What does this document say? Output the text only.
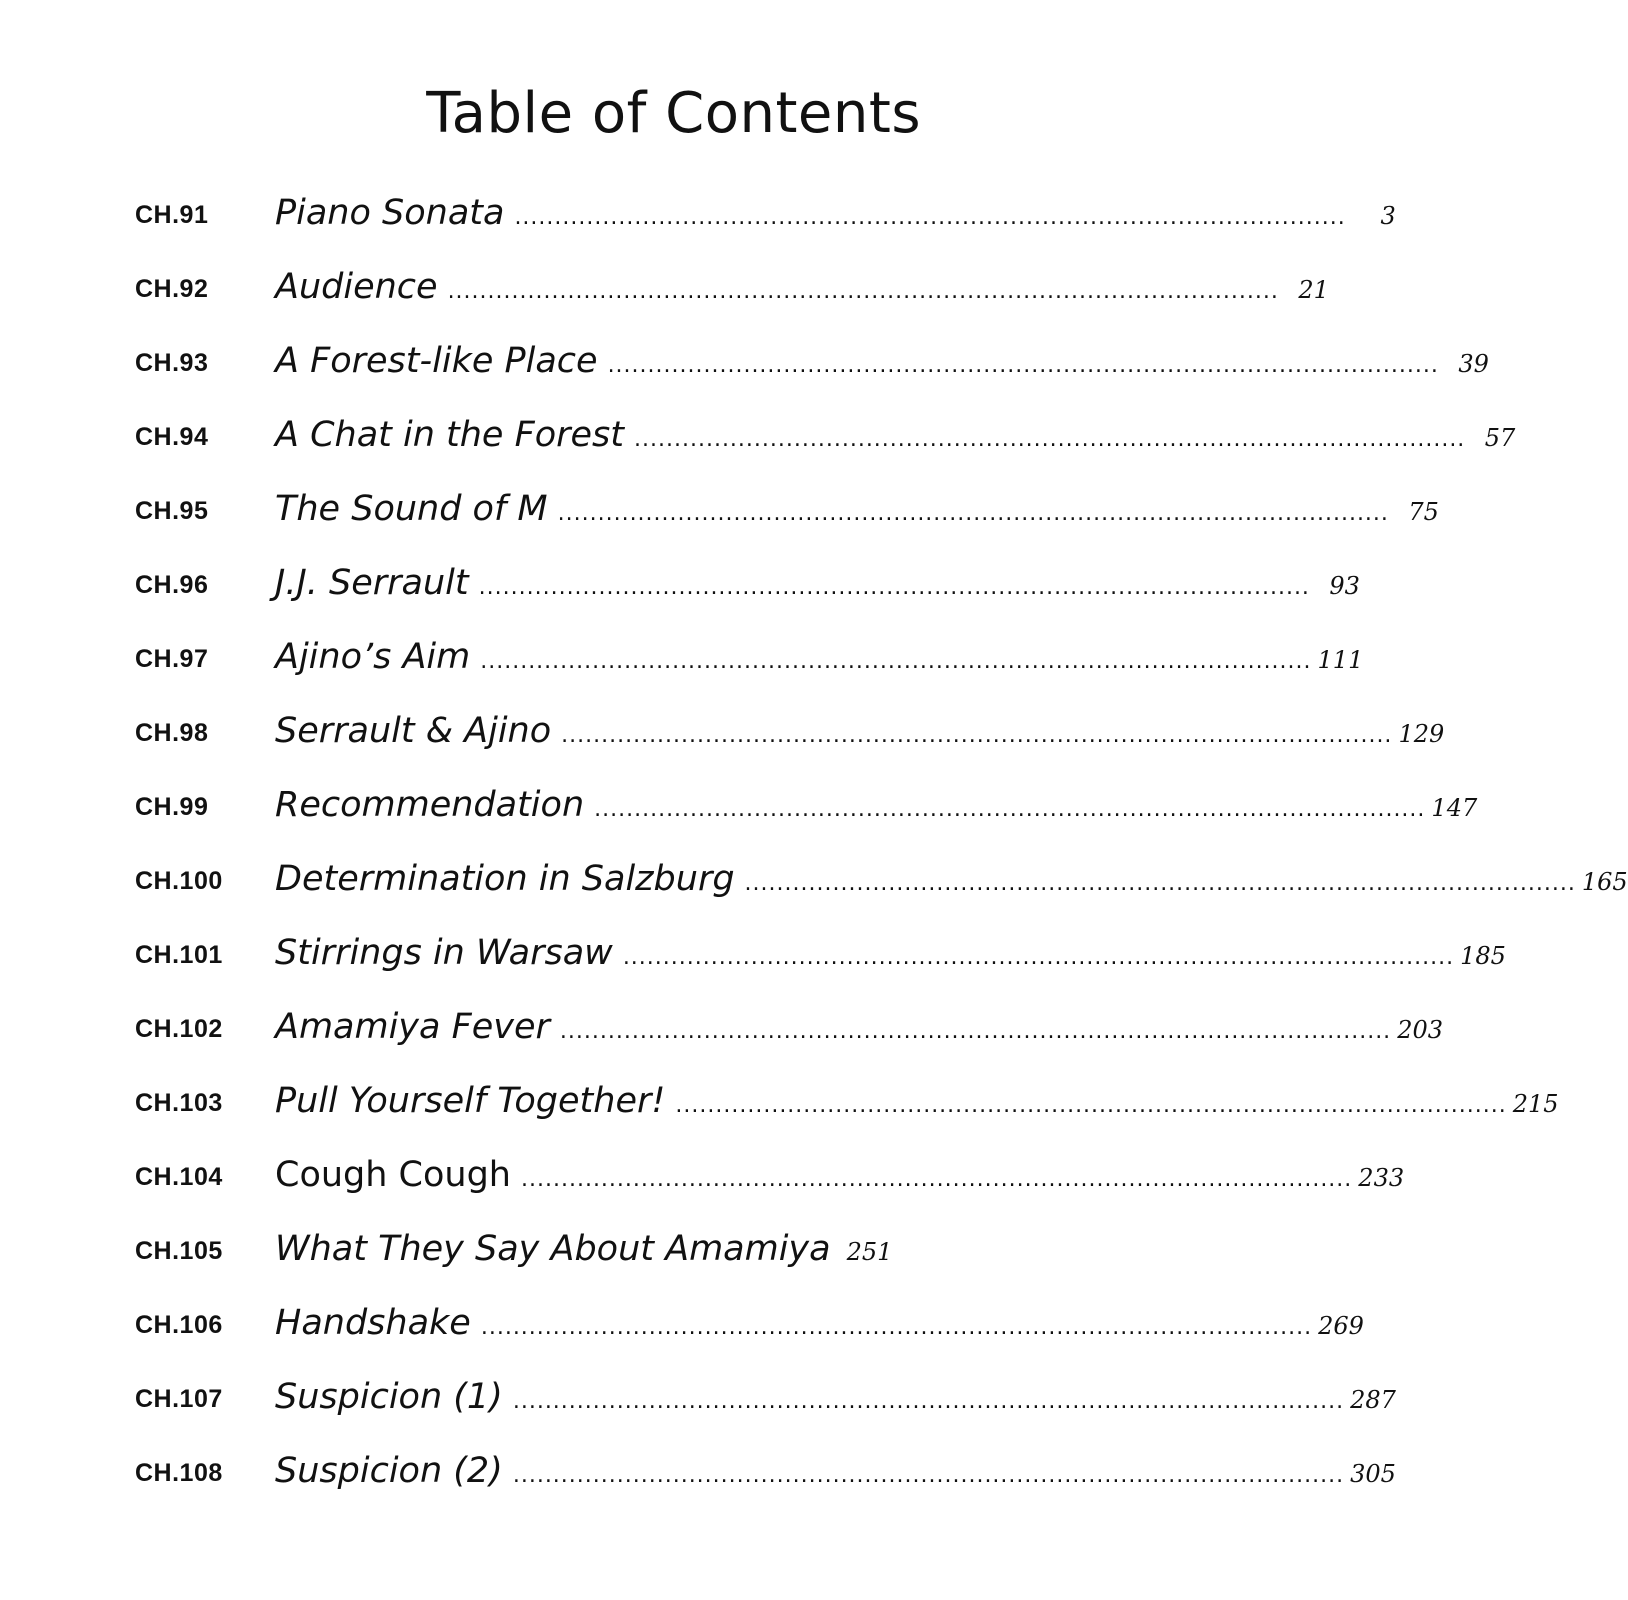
Table of Contents
CH.91 Piano Sonata ........................................................................................................	3
CH.92 Audience ........................................................................................................ 21
CH.93 A Forest-like Place ........................................................................................................ 39
CH.94 A Chat in the Forest ........................................................................................................ 57
CH.95 The Sound of M ........................................................................................................ 75
CH.96 J.J. Serrault ........................................................................................................ 93
CH.97 Ajino’s Aim ........................................................................................................ 111
CH.98 Serrault & Ajino ........................................................................................................ 129
CH.99 Recommendation ........................................................................................................ 147
CH.100 Determination in Salzburg ........................................................................................................ 165
CH.101 Stirrings in Warsaw ........................................................................................................ 185
CH.102 Amamiya Fever ........................................................................................................ 203
CH.103 Pull Yourself Together! ........................................................................................................ 215
CH.104 Cough Cough ........................................................................................................ 233
CH.105 What They Say About Amamiya 251
CH.106 Handshake ........................................................................................................ 269
CH.107 Suspicion (1) ........................................................................................................ 287
CH.108 Suspicion (2) ........................................................................................................ 305
